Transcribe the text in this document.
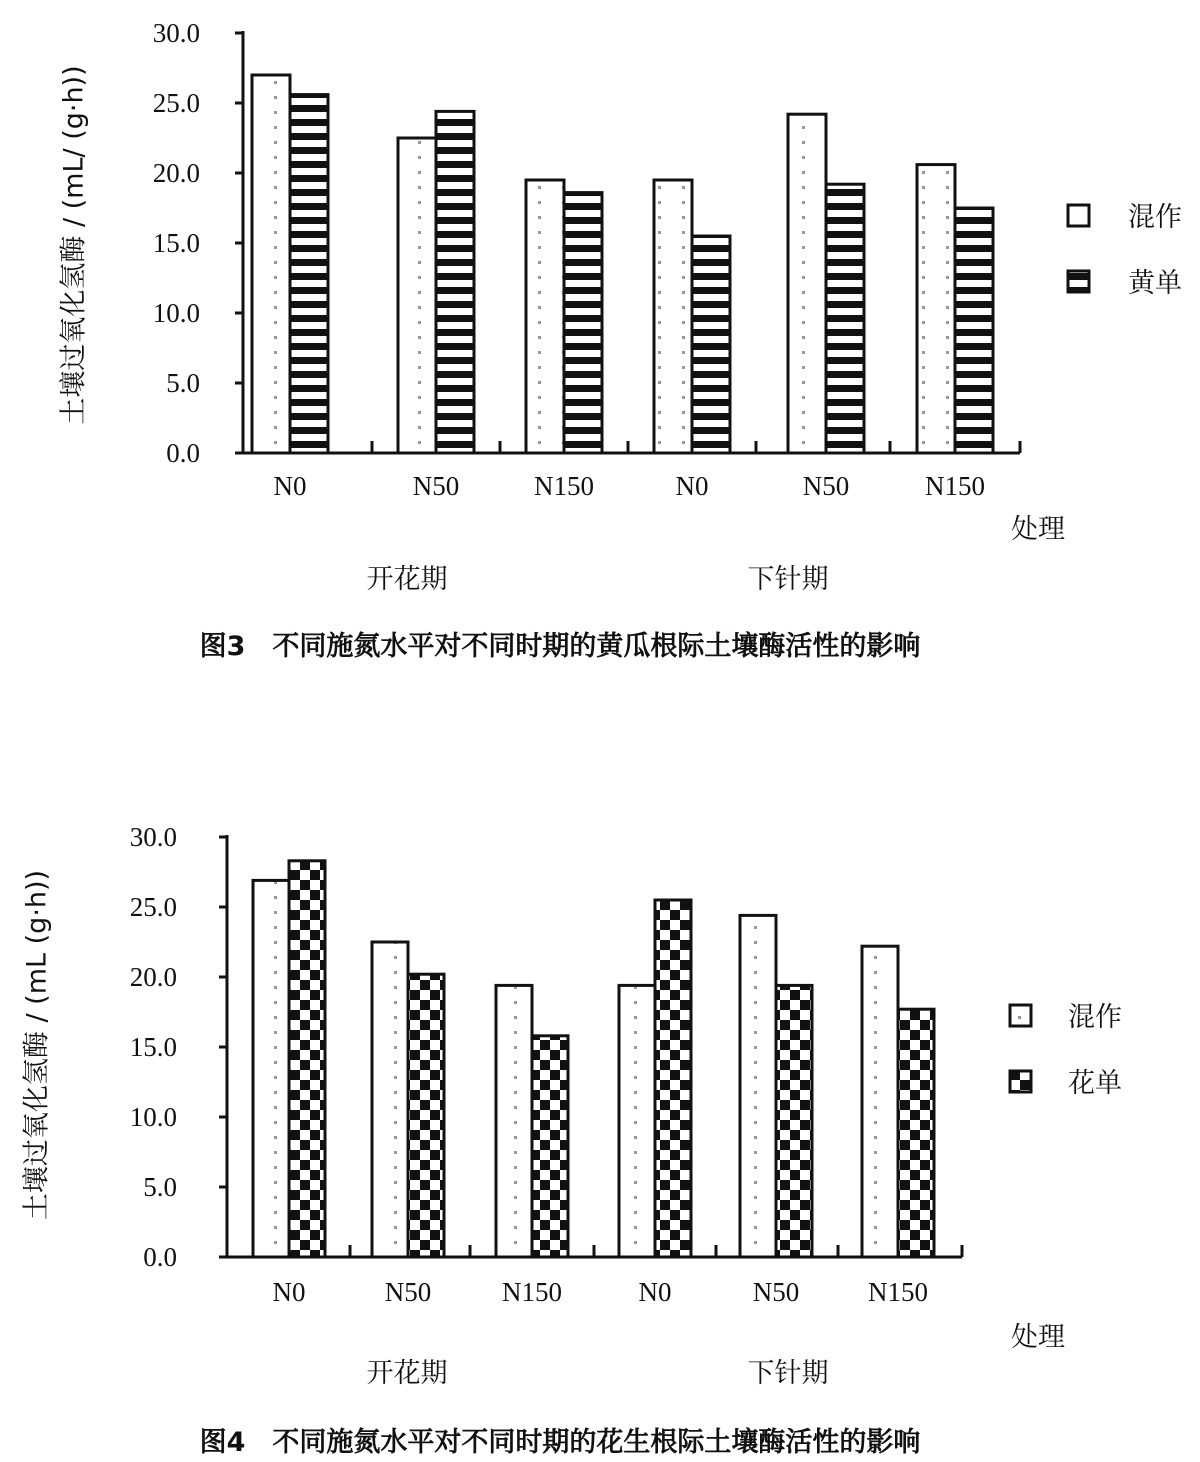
0.0
5.0
10.0
15.0
20.0
25.0
30.0
N0	N50	N150	N0	N50	N150
混作
黄单
土壤过氧化氢酶 / (mL/ (g·h))
处理
开花期	下针期
图3　不同施氮水平对不同时期的黄瓜根际土壤酶活性的影响
0.0
5.0
10.0
15.0
20.0
25.0
30.0
N0	N50	N150	N0	N50	N150
混作
花单
土壤过氧化氢酶 / (mL (g·h))
处理
开花期	下针期
图4　不同施氮水平对不同时期的花生根际土壤酶活性的影响
